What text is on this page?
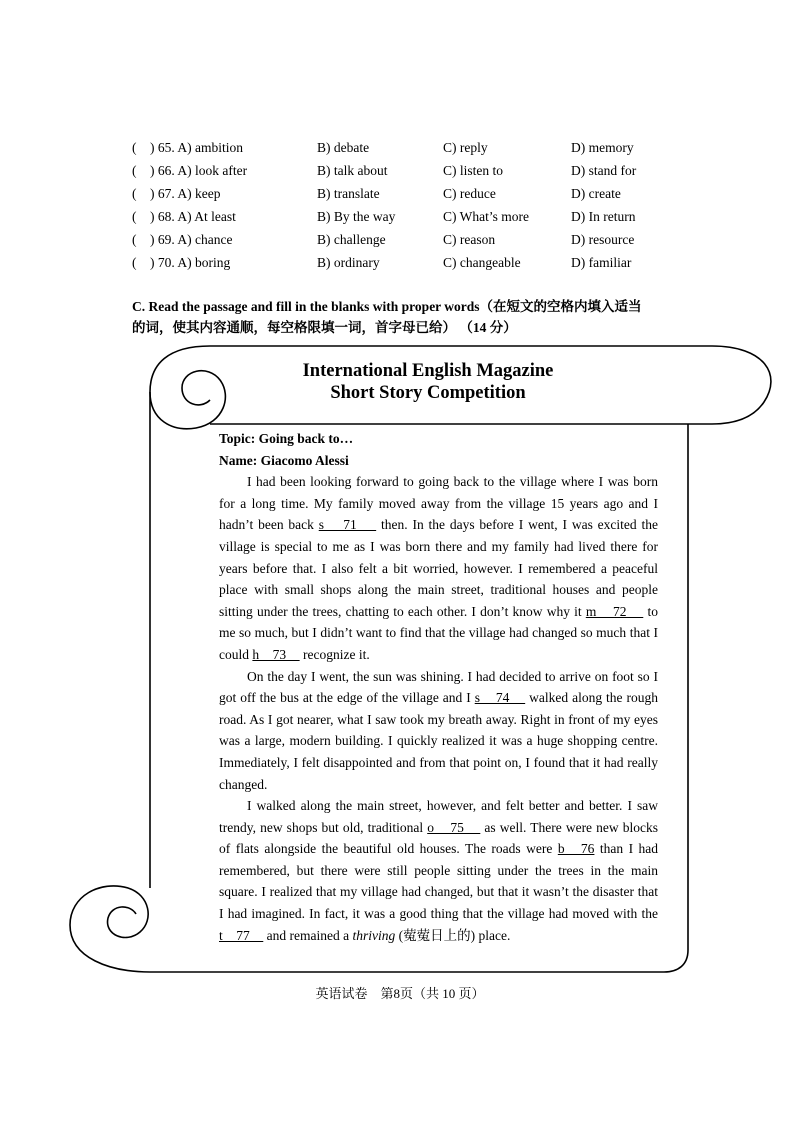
(    ) 65. A) ambition	B) debate	C) reply	D) memory
(    ) 66. A) look after	B) talk about	C) listen to	D) stand for
(    ) 67. A) keep	B) translate	C) reduce	D) create
(    ) 68. A) At least	B) By the way	C) What’s more	D) In return
(    ) 69. A) chance	B) challenge	C) reason	D) resource
(    ) 70. A) boring	B) ordinary	C) changeable	D) familiar
C. Read the passage and fill in the blanks with proper words（在短文的空格内填入适当
的词，使其内容通顺，每空格限填一词，首字母已给） （14 分）
International English Magazine
Short Story Competition
Topic: Going back to…
Name: Giacomo Alessi

I had been looking forward to going back to the village where I was born for a long time. My family moved away from the village 15 years ago and I hadn’t been back s    71     then. In the days before I went, I was excited the village is special to me as I was born there and my family had lived there for years before that. I also felt a bit worried, however. I remembered a peaceful place with small shops along the main street, traditional houses and people sitting under the trees, chatting to each other. I don’t know why it m    72     to me so much, but I didn’t want to find that the village had changed so much that I could h    73     recognize it.

On the day I went, the sun was shining. I had decided to arrive on foot so I got off the bus at the edge of the village and I s    74     walked along the rough road. As I got nearer, what I saw took my breath away. Right in front of my eyes was a large, modern building. I quickly realized it was a huge shopping centre. Immediately, I felt disappointed and from that point on, I found that it had really changed.

I walked along the main street, however, and felt better and better. I saw trendy, new shops but old, traditional o    75     as well. There were new blocks of flats alongside the beautiful old houses. The roads were b   76 than I had remembered, but there were still people sitting under the trees in the main square. I realized that my village had changed, but that it wasn’t the disaster that I had imagined. In fact, it was a good thing that the village had moved with the t    77     and remained a thriving (蒬蒬日上的) place.

英语试卷　第8页（共 10 页）
